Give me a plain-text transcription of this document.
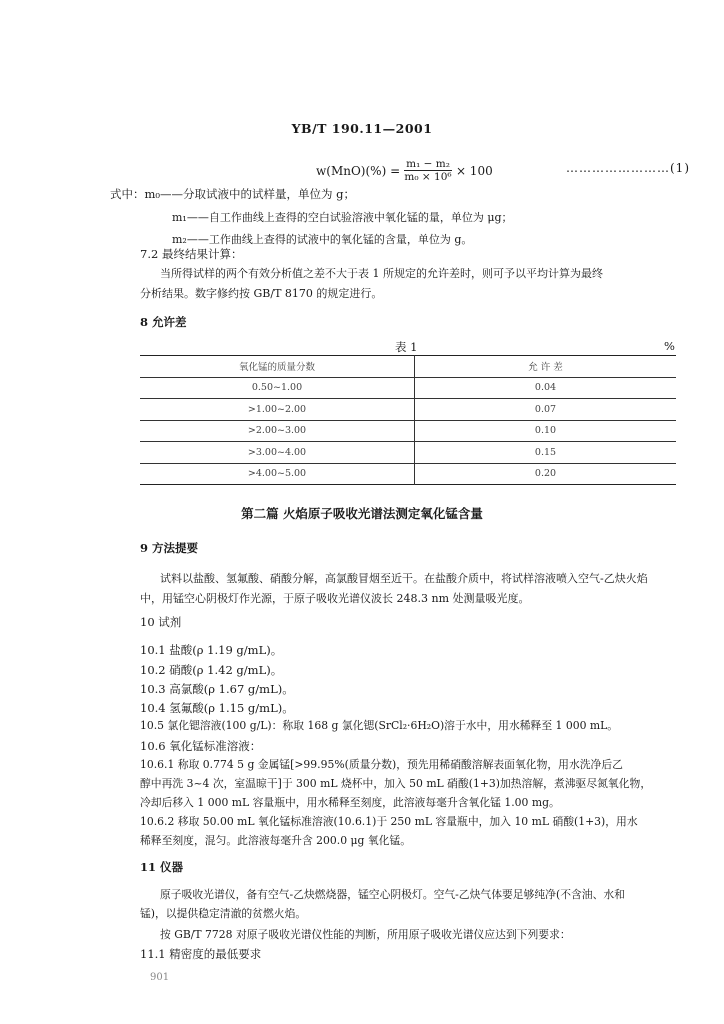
YB/T 190.11—2001
$w(MnO)(\%) = \frac{\text{m₁ − m₂}}{\text{m₀ × 10⁶}} \times 100$	……………………(1)
式中：m₀——分取试液中的试样量，单位为 g；
m₁——自工作曲线上查得的空白试验溶液中氧化锰的量，单位为 μg；
m₂——工作曲线上查得的试液中的氧化锰的含量，单位为 g。
7.2 最终结果计算：
当所得试样的两个有效分析值之差不大于表 1 所规定的允许差时，则可予以平均计算为最终
分析结果。数字修约按 GB/T 8170 的规定进行。
8 允许差
表 1	%
氧化锰的质量分数	允 许 差
0.50~1.00	0.04
>1.00~2.00	0.07
>2.00~3.00	0.10
>3.00~4.00	0.15
>4.00~5.00	0.20
第二篇 火焰原子吸收光谱法测定氧化锰含量
9 方法提要
试料以盐酸、氢氟酸、硝酸分解，高氯酸冒烟至近干。在盐酸介质中，将试样溶液喷入空气-乙炔火焰
中，用锰空心阴极灯作光源，于原子吸收光谱仪波长 248.3 nm 处测量吸光度。
10 试剂
10.1 盐酸(ρ 1.19 g/mL)。
10.2 硝酸(ρ 1.42 g/mL)。
10.3 高氯酸(ρ 1.67 g/mL)。
10.4 氢氟酸(ρ 1.15 g/mL)。
10.5 氯化锶溶液(100 g/L)：称取 168 g 氯化锶(SrCl₂·6H₂O)溶于水中，用水稀释至 1 000 mL。
10.6 氧化锰标准溶液：
10.6.1 称取 0.774 5 g 金属锰[>99.95%(质量分数)，预先用稀硝酸溶解表面氧化物，用水洗净后乙
醇中再洗 3~4 次，室温晾干]于 300 mL 烧杯中，加入 50 mL 硝酸(1+3)加热溶解，煮沸驱尽氮氧化物，
冷却后移入 1 000 mL 容量瓶中，用水稀释至刻度，此溶液每毫升含氧化锰 1.00 mg。
10.6.2 移取 50.00 mL 氧化锰标准溶液(10.6.1)于 250 mL 容量瓶中，加入 10 mL 硝酸(1+3)，用水
稀释至刻度，混匀。此溶液每毫升含 200.0 μg 氧化锰。
11 仪器
原子吸收光谱仪，备有空气-乙炔燃烧器，锰空心阴极灯。空气-乙炔气体要足够纯净(不含油、水和
锰)，以提供稳定清澈的贫燃火焰。
按 GB/T 7728 对原子吸收光谱仪性能的判断，所用原子吸收光谱仪应达到下列要求：
11.1 精密度的最低要求
901
